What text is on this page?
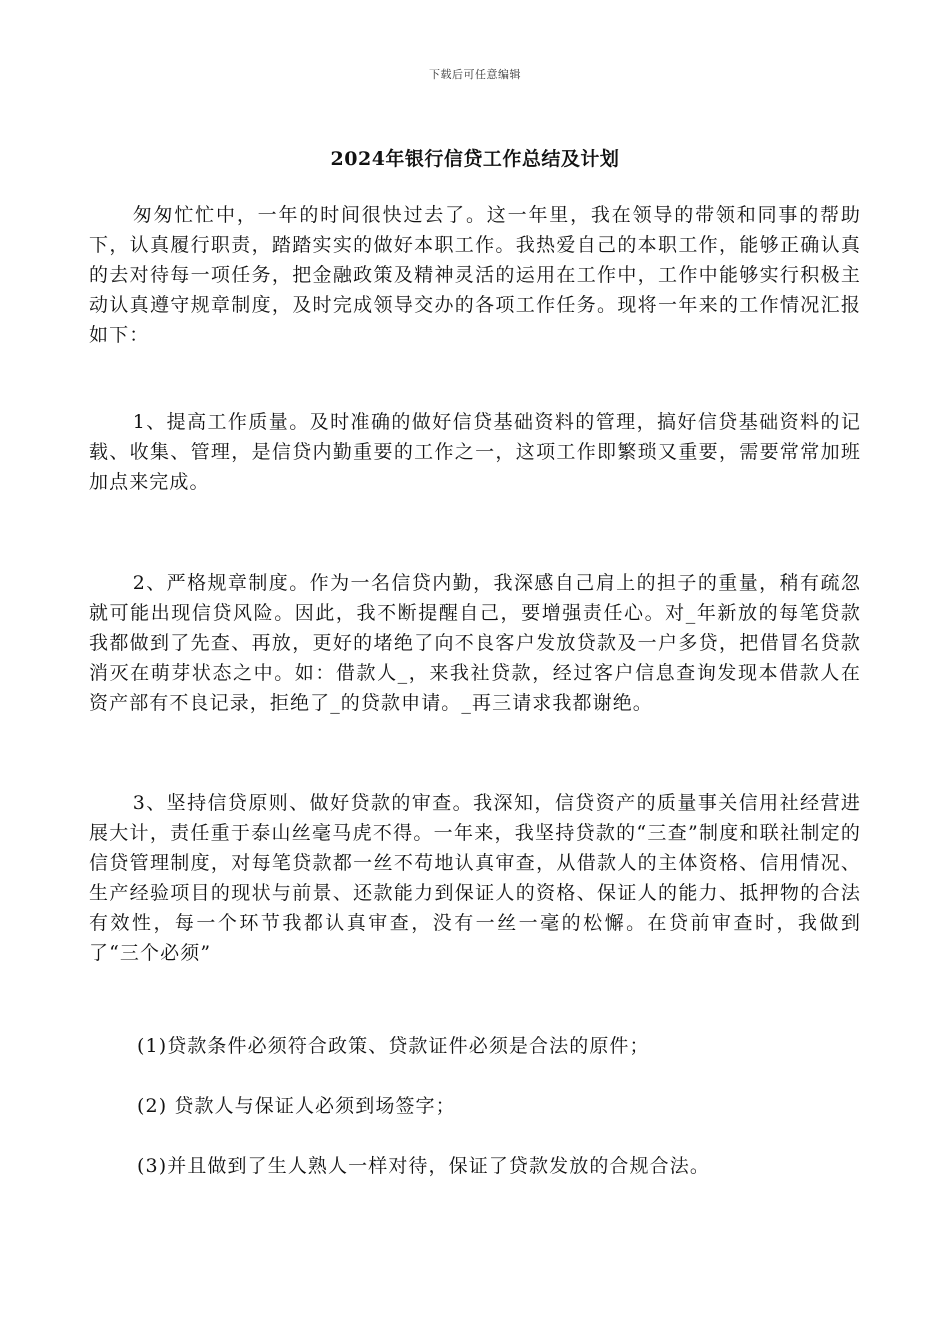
下载后可任意编辑
2024年银行信贷工作总结及计划

匆匆忙忙中，一年的时间很快过去了。这一年里，我在领导的带领和同事的帮助下，认真履行职责，踏踏实实的做好本职工作。我热爱自己的本职工作，能够正确认真的去对待每一项任务，把金融政策及精神灵活的运用在工作中，工作中能够实行积极主动认真遵守规章制度，及时完成领导交办的各项工作任务。现将一年来的工作情况汇报如下：

1、提高工作质量。及时准确的做好信贷基础资料的管理，搞好信贷基础资料的记载、收集、管理，是信贷内勤重要的工作之一，这项工作即繁琐又重要，需要常常加班加点来完成。

2、严格规章制度。作为一名信贷内勤，我深感自己肩上的担子的重量，稍有疏忽就可能出现信贷风险。因此，我不断提醒自己，要增强责任心。对_年新放的每笔贷款我都做到了先查、再放，更好的堵绝了向不良客户发放贷款及一户多贷，把借冒名贷款消灭在萌芽状态之中。如：借款人_，来我社贷款，经过客户信息查询发现本借款人在资产部有不良记录，拒绝了_的贷款申请。_再三请求我都谢绝。

3、坚持信贷原则、做好贷款的审查。我深知，信贷资产的质量事关信用社经营进展大计，责任重于泰山丝毫马虎不得。一年来，我坚持贷款的“三查”制度和联社制定的信贷管理制度，对每笔贷款都一丝不苟地认真审查，从借款人的主体资格、信用情况、生产经验项目的现状与前景、还款能力到保证人的资格、保证人的能力、抵押物的合法有效性，每一个环节我都认真审查，没有一丝一毫的松懈。在贷前审查时，我做到了“三个必须”

(1)贷款条件必须符合政策、贷款证件必须是合法的原件；

(2) 贷款人与保证人必须到场签字；

(3)并且做到了生人熟人一样对待，保证了贷款发放的合规合法。
